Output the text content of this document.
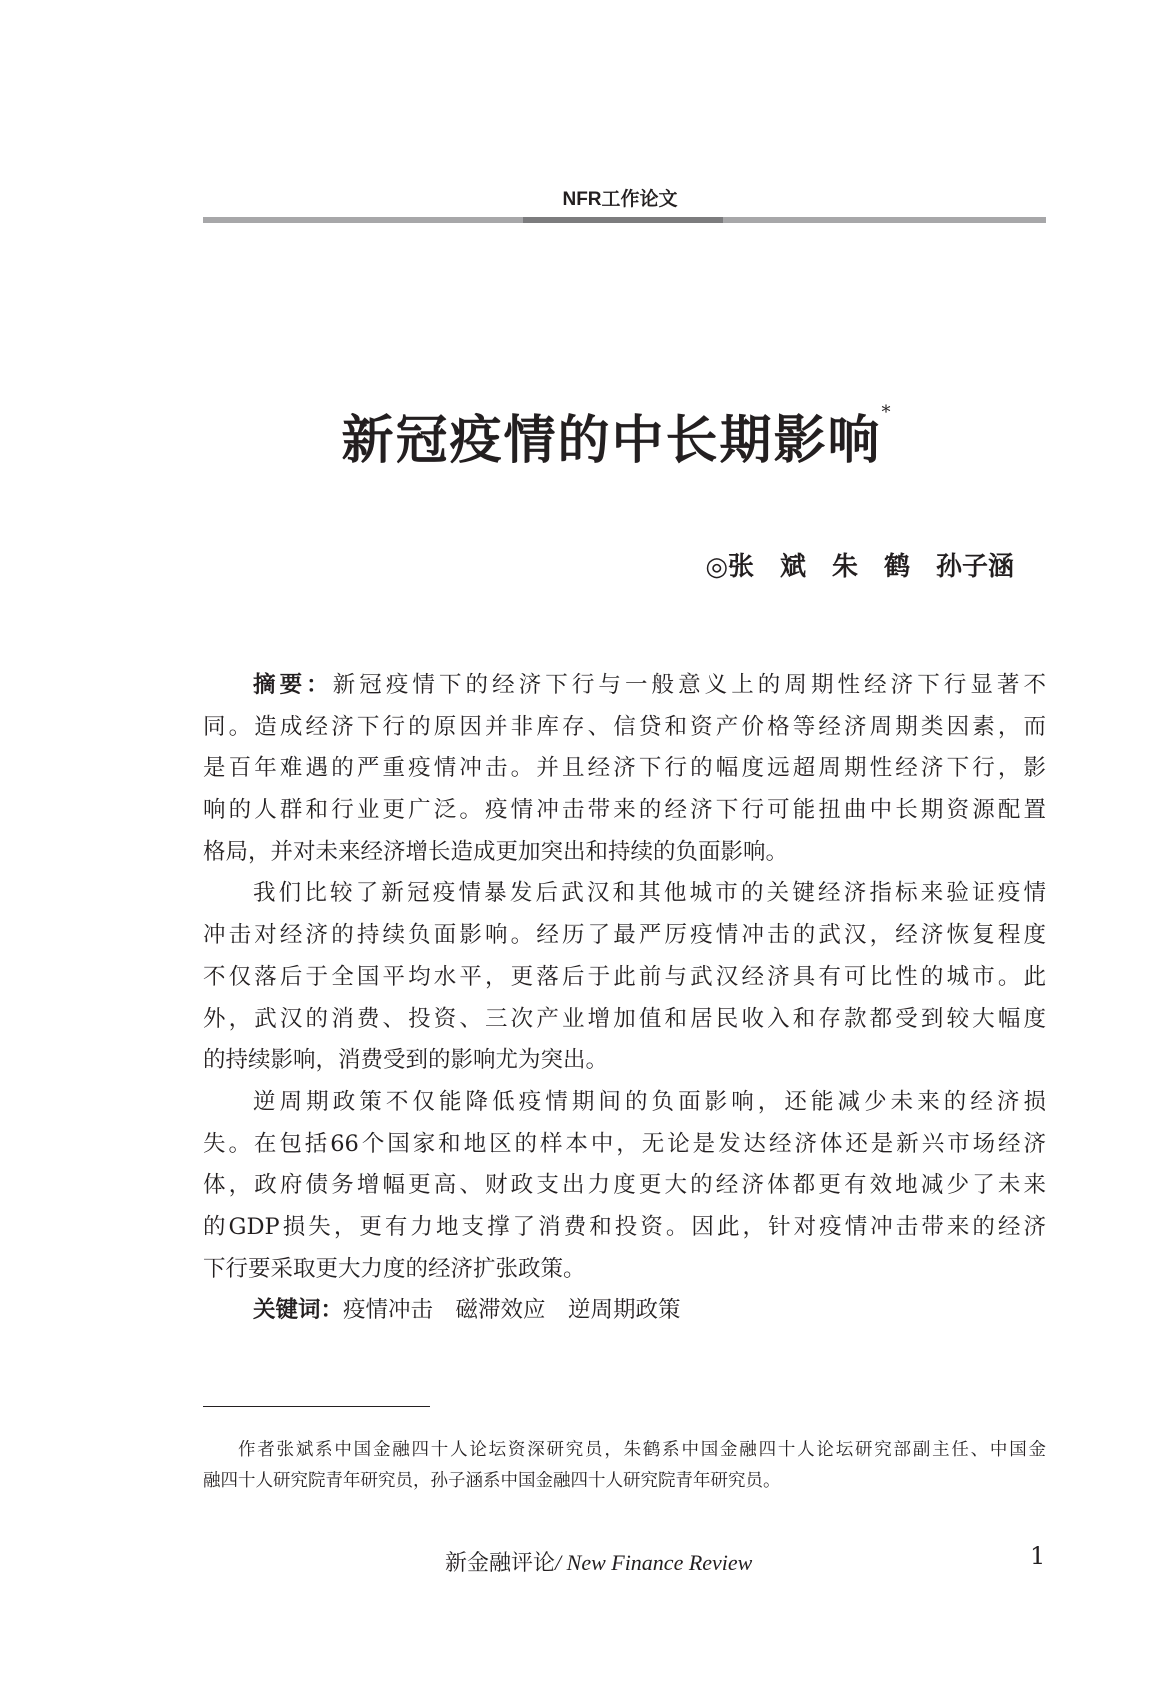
NFR工作论文
新冠疫情的中长期影响*
◎张　斌　朱　鹤　孙子涵
摘要：新冠疫情下的经济下行与一般意义上的周期性经济下行显著不
同。造成经济下行的原因并非库存、信贷和资产价格等经济周期类因素，而
是百年难遇的严重疫情冲击。并且经济下行的幅度远超周期性经济下行，影
响的人群和行业更广泛。疫情冲击带来的经济下行可能扭曲中长期资源配置
格局，并对未来经济增长造成更加突出和持续的负面影响。
我们比较了新冠疫情暴发后武汉和其他城市的关键经济指标来验证疫情
冲击对经济的持续负面影响。经历了最严厉疫情冲击的武汉，经济恢复程度
不仅落后于全国平均水平，更落后于此前与武汉经济具有可比性的城市。此
外，武汉的消费、投资、三次产业增加值和居民收入和存款都受到较大幅度
的持续影响，消费受到的影响尤为突出。
逆周期政策不仅能降低疫情期间的负面影响，还能减少未来的经济损
失。在包括66个国家和地区的样本中，无论是发达经济体还是新兴市场经济
体，政府债务增幅更高、财政支出力度更大的经济体都更有效地减少了未来
的GDP损失，更有力地支撑了消费和投资。因此，针对疫情冲击带来的经济
下行要采取更大力度的经济扩张政策。
关键词：疫情冲击　磁滞效应　逆周期政策
作者张斌系中国金融四十人论坛资深研究员，朱鹤系中国金融四十人论坛研究部副主任、中国金
融四十人研究院青年研究员，孙子涵系中国金融四十人研究院青年研究员。
新金融评论/ New Finance Review	1
